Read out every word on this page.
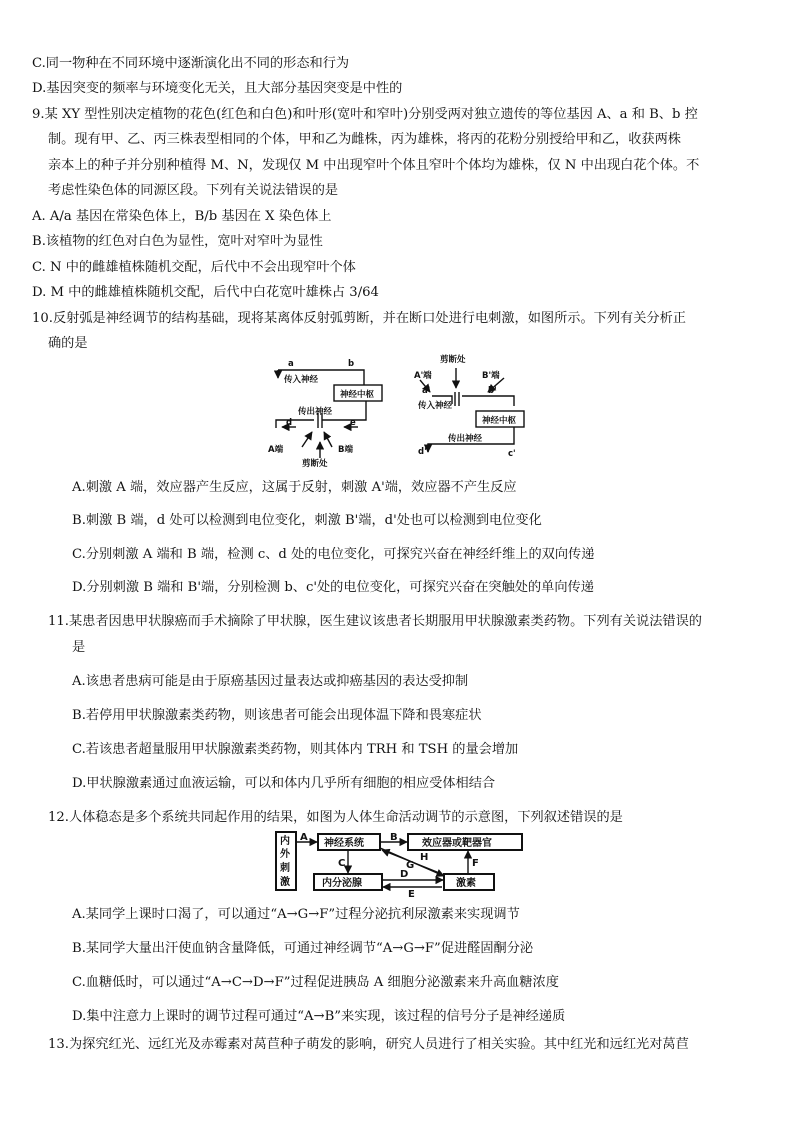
C.同一物种在不同环境中逐渐演化出不同的形态和行为
D.基因突变的频率与环境变化无关，且大部分基因突变是中性的
9.某 XY 型性别决定植物的花色(红色和白色)和叶形(宽叶和窄叶)分别受两对独立遗传的等位基因 A、a 和 B、b 控
制。现有甲、乙、丙三株表型相同的个体，甲和乙为雌株，丙为雄株，将丙的花粉分别授给甲和乙，收获两株
亲本上的种子并分别种植得 M、N，发现仅 M 中出现窄叶个体且窄叶个体均为雄株，仅 N 中出现白花个体。不
考虑性染色体的同源区段。下列有关说法错误的是
A. A/a 基因在常染色体上，B/b 基因在 X 染色体上
B.该植物的红色对白色为显性，宽叶对窄叶为显性
C. N 中的雌雄植株随机交配，后代中不会出现窄叶个体
D. M 中的雌雄植株随机交配，后代中白花宽叶雄株占 3/64
10.反射弧是神经调节的结构基础，现将某离体反射弧剪断，并在断口处进行电刺激，如图所示。下列有关分析正
确的是
a	b
传入神经
神经中枢
传出神经
d	e
A端	B端
剪断处
剪断处
A'端	B'端
a'	b'
传入神经
神经中枢
传出神经
d'	c'
A.刺激 A 端，效应器产生反应，这属于反射，刺激 A'端，效应器不产生反应
B.刺激 B 端，d 处可以检测到电位变化，刺激 B'端，d'处也可以检测到电位变化
C.分别刺激 A 端和 B 端，检测 c、d 处的电位变化，可探究兴奋在神经纤维上的双向传递
D.分别刺激 B 端和 B'端，分别检测 b、c'处的电位变化，可探究兴奋在突触处的单向传递
11.某患者因患甲状腺癌而手术摘除了甲状腺，医生建议该患者长期服用甲状腺激素类药物。下列有关说法错误的
是
A.该患者患病可能是由于原癌基因过量表达或抑癌基因的表达受抑制
B.若停用甲状腺激素类药物，则该患者可能会出现体温下降和畏寒症状
C.若该患者超量服用甲状腺激素类药物，则其体内 TRH 和 TSH 的量会增加
D.甲状腺激素通过血液运输，可以和体内几乎所有细胞的相应受体相结合
12.人体稳态是多个系统共同起作用的结果，如图为人体生命活动调节的示意图，下列叙述错误的是
内
外
刺
激
神经系统	效应器或靶器官
内分泌腺	激素
A	B
C
D
E
F
G
H
A.某同学上课时口渴了，可以通过“A→G→F”过程分泌抗利尿激素来实现调节
B.某同学大量出汗使血钠含量降低，可通过神经调节“A→G→F”促进醛固酮分泌
C.血糖低时，可以通过“A→C→D→F”过程促进胰岛 A 细胞分泌激素来升高血糖浓度
D.集中注意力上课时的调节过程可通过“A→B”来实现，该过程的信号分子是神经递质
13.为探究红光、远红光及赤霉素对莴苣种子萌发的影响，研究人员进行了相关实验。其中红光和远红光对莴苣
